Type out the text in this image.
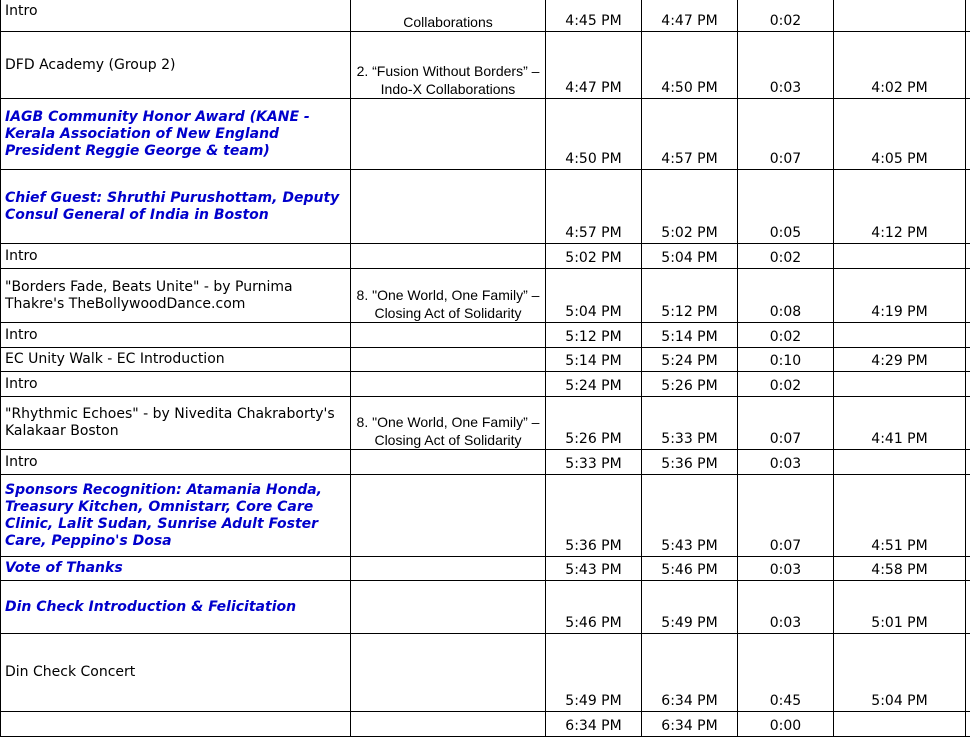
Intro	Collaborations	4:45 PM	4:47 PM	0:02		
DFD Academy (Group 2)	2. “Fusion Without Borders” – Indo-X Collaborations	4:47 PM	4:50 PM	0:03	4:02 PM	
IAGB Community Honor Award (KANE - Kerala Association of New England President Reggie George & team)		4:50 PM	4:57 PM	0:07	4:05 PM	
Chief Guest: Shruthi Purushottam, Deputy Consul General of India in Boston		4:57 PM	5:02 PM	0:05	4:12 PM	
Intro		5:02 PM	5:04 PM	0:02		
"Borders Fade, Beats Unite" - by Purnima Thakre's TheBollywoodDance.com	8. "One World, One Family” – Closing Act of Solidarity	5:04 PM	5:12 PM	0:08	4:19 PM	
Intro		5:12 PM	5:14 PM	0:02		
EC Unity Walk - EC Introduction		5:14 PM	5:24 PM	0:10	4:29 PM	
Intro		5:24 PM	5:26 PM	0:02		
"Rhythmic Echoes" - by Nivedita Chakraborty's Kalakaar Boston	8. "One World, One Family” – Closing Act of Solidarity	5:26 PM	5:33 PM	0:07	4:41 PM	
Intro		5:33 PM	5:36 PM	0:03		
Sponsors Recognition: Atamania Honda, Treasury Kitchen, Omnistarr, Core Care Clinic, Lalit Sudan, Sunrise Adult Foster Care, Peppino's Dosa		5:36 PM	5:43 PM	0:07	4:51 PM	
Vote of Thanks		5:43 PM	5:46 PM	0:03	4:58 PM	
Din Check Introduction & Felicitation		5:46 PM	5:49 PM	0:03	5:01 PM	
Din Check Concert		5:49 PM	6:34 PM	0:45	5:04 PM	
		6:34 PM	6:34 PM	0:00		
